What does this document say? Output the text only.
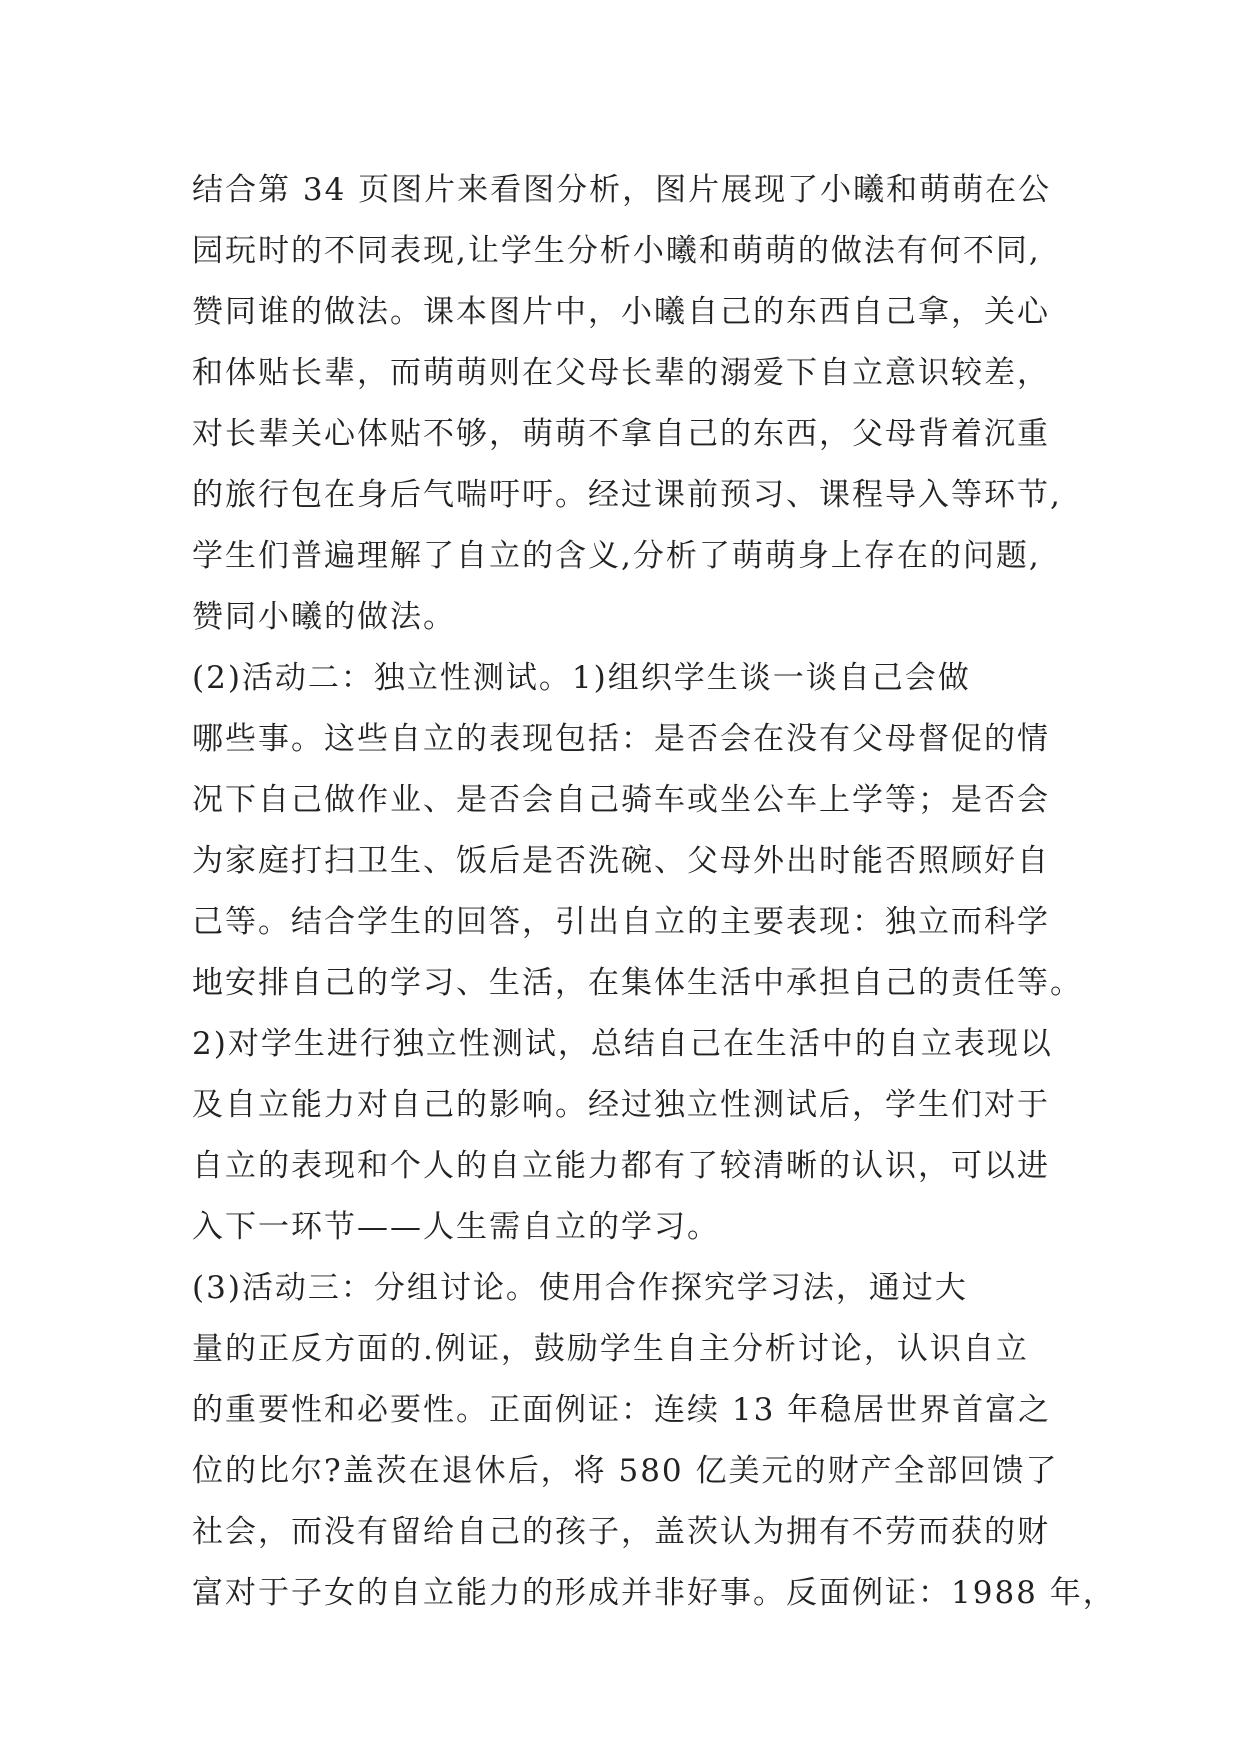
结合第 34 页图片来看图分析，图片展现了小曦和萌萌在公
园玩时的不同表现,让学生分析小曦和萌萌的做法有何不同,
赞同谁的做法。课本图片中，小曦自己的东西自己拿，关心
和体贴长辈，而萌萌则在父母长辈的溺爱下自立意识较差，
对长辈关心体贴不够，萌萌不拿自己的东西，父母背着沉重
的旅行包在身后气喘吁吁。经过课前预习、课程导入等环节,
学生们普遍理解了自立的含义,分析了萌萌身上存在的问题,
赞同小曦的做法。
(2)活动二：独立性测试。1)组织学生谈一谈自己会做
哪些事。这些自立的表现包括：是否会在没有父母督促的情
况下自己做作业、是否会自己骑车或坐公车上学等；是否会
为家庭打扫卫生、饭后是否洗碗、父母外出时能否照顾好自
己等。结合学生的回答，引出自立的主要表现：独立而科学
地安排自己的学习、生活，在集体生活中承担自己的责任等。
2)对学生进行独立性测试，总结自己在生活中的自立表现以
及自立能力对自己的影响。经过独立性测试后，学生们对于
自立的表现和个人的自立能力都有了较清晰的认识，可以进
入下一环节——人生需自立的学习。
(3)活动三：分组讨论。使用合作探究学习法，通过大
量的正反方面的.例证，鼓励学生自主分析讨论，认识自立
的重要性和必要性。正面例证：连续 13 年稳居世界首富之
位的比尔?盖茨在退休后，将 580 亿美元的财产全部回馈了
社会，而没有留给自己的孩子，盖茨认为拥有不劳而获的财
富对于子女的自立能力的形成并非好事。反面例证：1988 年，
